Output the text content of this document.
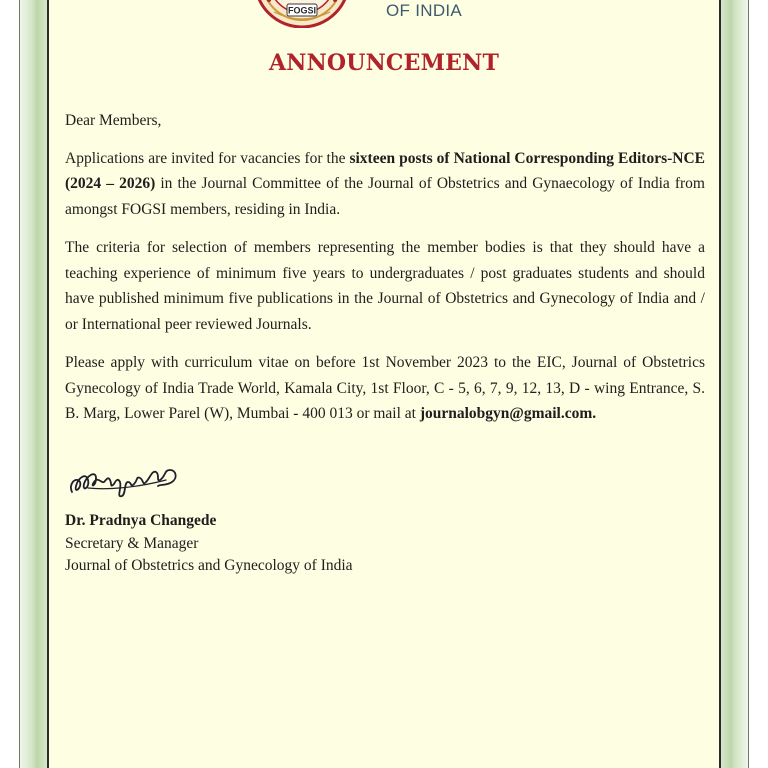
FOGSI	OF INDIA
ANNOUNCEMENT

Dear Members,

Applications are invited for vacancies for the sixteen posts of National Corresponding Editors-NCE (2024 – 2026) in the Journal Committee of the Journal of Obstetrics and Gynaecology of India from amongst FOGSI members, residing in India.

The criteria for selection of members representing the member bodies is that they should have a teaching experience of minimum five years to undergraduates / post graduates students and should have published minimum five publications in the Journal of Obstetrics and Gynecology of India and / or International peer reviewed Journals.

Please apply with curriculum vitae on before 1st November 2023 to the EIC, Journal of Obstetrics Gynecology of India Trade World, Kamala City, 1st Floor, C - 5, 6, 7, 9, 12, 13, D - wing Entrance, S. B. Marg, Lower Parel (W), Mumbai - 400 013 or mail at journalobgyn@gmail.com.

Dr. Pradnya Changede
Secretary & Manager
Journal of Obstetrics and Gynecology of India
